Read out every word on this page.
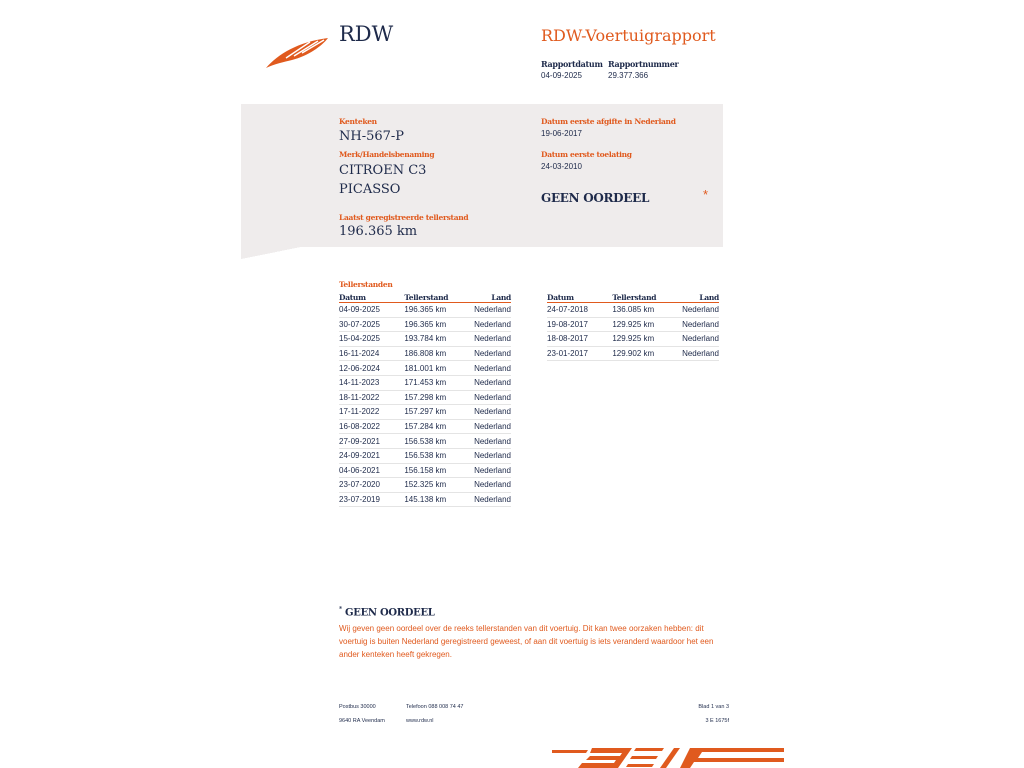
RDW	RDW-Voertuigrapport
Rapportdatum
04-09-2025
Rapportnummer
29.377.366
Kenteken
NH-567-P
Merk/Handelsbenaming
CITROEN C3
PICASSO
Laatst geregistreerde tellerstand
196.365 km
Datum eerste afgifte in Nederland
19-06-2017
Datum eerste toelating
24-03-2010
GEEN OORDEEL	*
Tellerstanden
Datum	Tellerstand	Land
04-09-2025	196.365 km	Nederland
30-07-2025	196.365 km	Nederland
15-04-2025	193.784 km	Nederland
16-11-2024	186.808 km	Nederland
12-06-2024	181.001 km	Nederland
14-11-2023	171.453 km	Nederland
18-11-2022	157.298 km	Nederland
17-11-2022	157.297 km	Nederland
16-08-2022	157.284 km	Nederland
27-09-2021	156.538 km	Nederland
24-09-2021	156.538 km	Nederland
04-06-2021	156.158 km	Nederland
23-07-2020	152.325 km	Nederland
23-07-2019	145.138 km	Nederland
Datum	Tellerstand	Land
24-07-2018	136.085 km	Nederland
19-08-2017	129.925 km	Nederland
18-08-2017	129.925 km	Nederland
23-01-2017	129.902 km	Nederland
* GEEN OORDEEL
Wij geven geen oordeel over de reeks tellerstanden van dit voertuig. Dit kan twee oorzaken hebben: dit voertuig is buiten Nederland geregistreerd geweest, of aan dit voertuig is iets veranderd waardoor het een ander kenteken heeft gekregen.
Postbus 30000
9640 RA Veendam
Telefoon 088 008 74 47
www.rdw.nl
Blad 1 van 3
3 E 1675f
